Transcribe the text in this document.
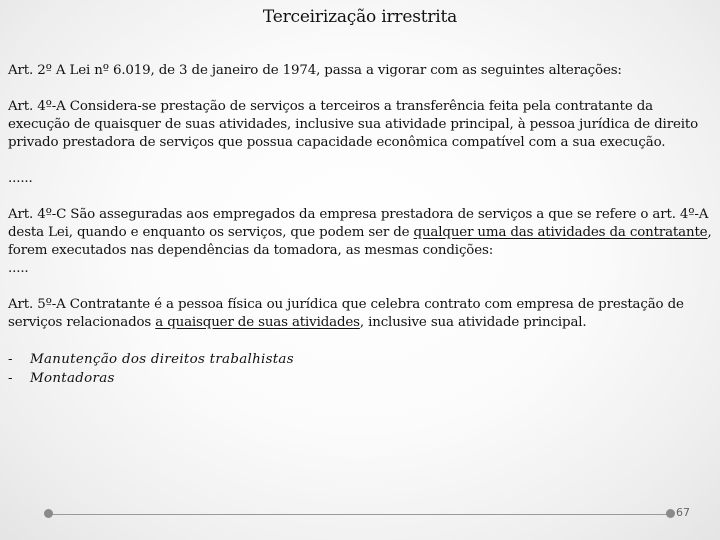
Terceirização irrestrita

Art. 2º A Lei nº 6.019, de 3 de janeiro de 1974, passa a vigorar com as seguintes alterações:

Art. 4º-A Considera-se prestação de serviços a terceiros a transferência feita pela contratante da execução de quaisquer de suas atividades, inclusive sua atividade principal, à pessoa jurídica de direito privado prestadora de serviços que possua capacidade econômica compatível com a sua execução.

......

Art. 4º-C São asseguradas aos empregados da empresa prestadora de serviços a que se refere o art. 4º-A desta Lei, quando e enquanto os serviços, que podem ser de qualquer uma das atividades da contratante, forem executados nas dependências da tomadora, as mesmas condições:
.....

Art. 5º-A Contratante é a pessoa física ou jurídica que celebra contrato com empresa de prestação de serviços relacionados a quaisquer de suas atividades, inclusive sua atividade principal.

-	Manutenção dos direitos trabalhistas
-	Montadoras
67
